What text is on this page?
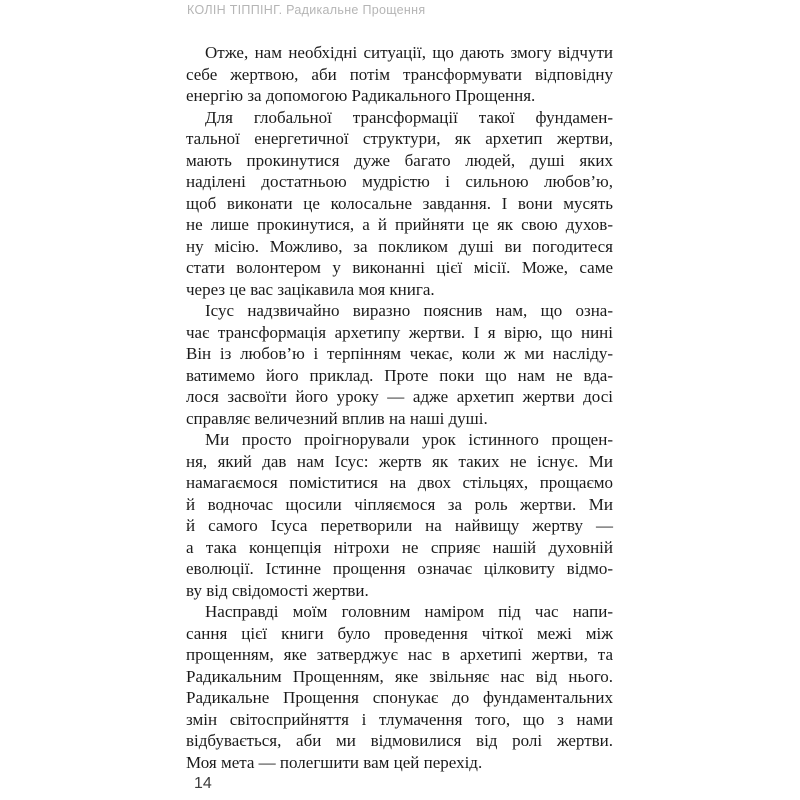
КОЛІН ТІППІНГ. Радикальне Прощення
Отже, нам необхідні ситуації, що дають змогу відчути
себе жертвою, аби потім трансформувати відповідну
енергію за допомогою Радикального Прощення.
Для глобальної трансформації такої фундамен-
тальної енергетичної структури, як архетип жертви,
мають прокинутися дуже багато людей, душі яких
наділені достатньою мудрістю і сильною любов’ю,
щоб виконати це колосальне завдання. І вони мусять
не лише прокинутися, а й прийняти це як свою духов-
ну місію. Можливо, за покликом душі ви погодитеся
стати волонтером у виконанні цієї місії. Може, саме
через це вас зацікавила моя книга.
Ісус надзвичайно виразно пояснив нам, що озна-
чає трансформація архетипу жертви. І я вірю, що нині
Він із любов’ю і терпінням чекає, коли ж ми насліду-
ватимемо його приклад. Проте поки що нам не вда-
лося засвоїти його уроку — адже архетип жертви досі
справляє величезний вплив на наші душі.
Ми просто проігнорували урок істинного прощен-
ня, який дав нам Ісус: жертв як таких не існує. Ми
намагаємося поміститися на двох стільцях, прощаємо
й водночас щосили чіпляємося за роль жертви. Ми
й самого Ісуса перетворили на найвищу жертву —
а така концепція нітрохи не сприяє нашій духовній
еволюції. Істинне прощення означає цілковиту відмо-
ву від свідомості жертви.
Насправді моїм головним наміром під час напи-
сання цієї книги було проведення чіткої межі між
прощенням, яке затверджує нас в архетипі жертви, та
Радикальним Прощенням, яке звільняє нас від нього.
Радикальне Прощення спонукає до фундаментальних
змін світосприйняття і тлумачення того, що з нами
відбувається, аби ми відмовилися від ролі жертви.
Моя мета — полегшити вам цей перехід.
14
